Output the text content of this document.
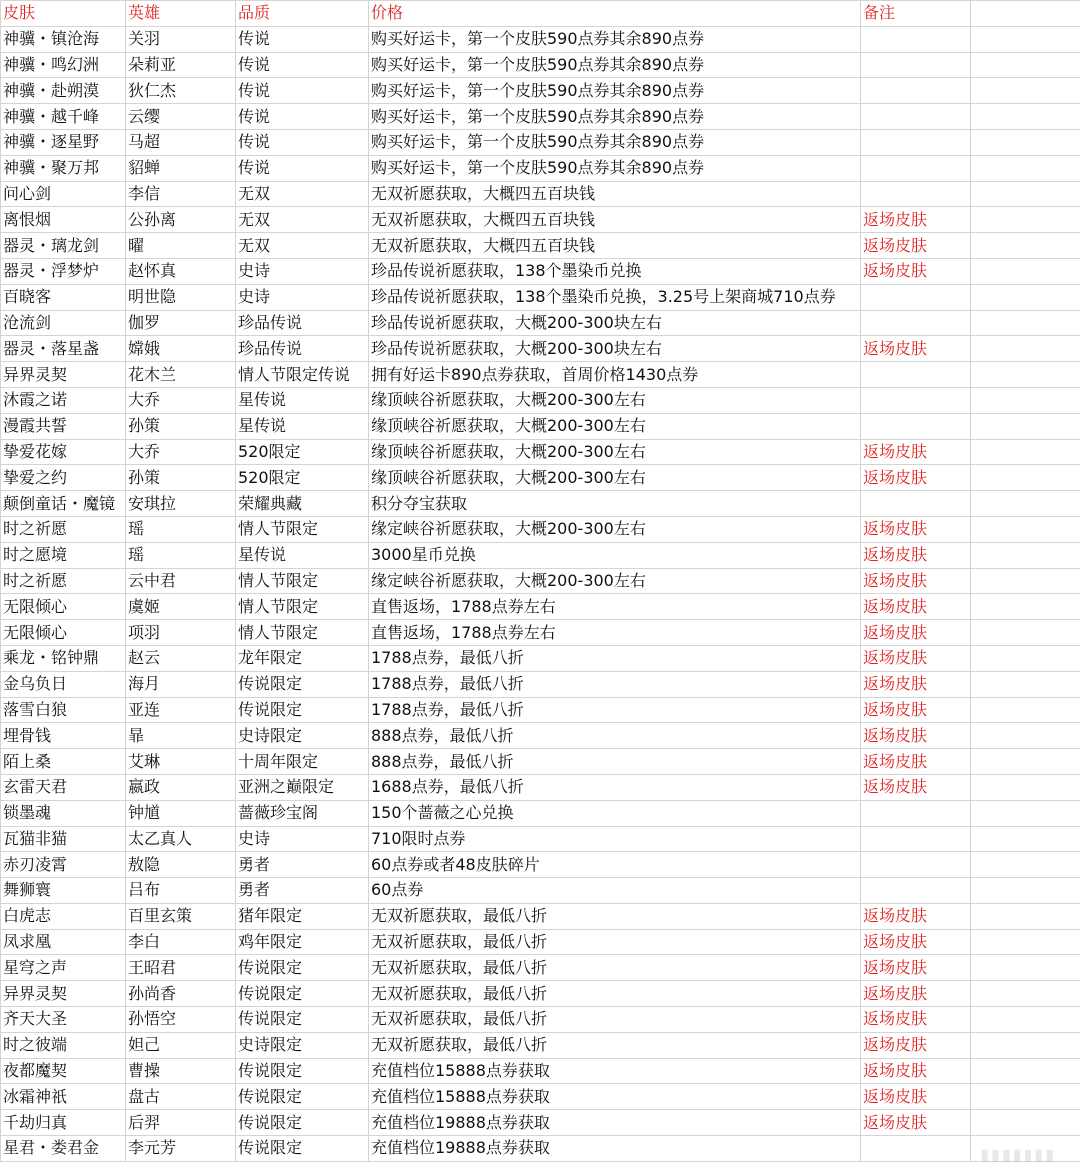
皮肤	英雄	品质	价格	备注	
神骥・镇沧海	关羽	传说	购买好运卡，第一个皮肤590点券其余890点券		
神骥・鸣幻洲	朵莉亚	传说	购买好运卡，第一个皮肤590点券其余890点券		
神骥・赴朔漠	狄仁杰	传说	购买好运卡，第一个皮肤590点券其余890点券		
神骥・越千峰	云缨	传说	购买好运卡，第一个皮肤590点券其余890点券		
神骥・逐星野	马超	传说	购买好运卡，第一个皮肤590点券其余890点券		
神骥・聚万邦	貂蝉	传说	购买好运卡，第一个皮肤590点券其余890点券		
问心剑	李信	无双	无双祈愿获取，大概四五百块钱		
离恨烟	公孙离	无双	无双祈愿获取，大概四五百块钱	返场皮肤	
器灵・璃龙剑	曜	无双	无双祈愿获取，大概四五百块钱	返场皮肤	
器灵・浮梦炉	赵怀真	史诗	珍品传说祈愿获取，138个墨染币兑换	返场皮肤	
百晓客	明世隐	史诗	珍品传说祈愿获取，138个墨染币兑换，3.25号上架商城710点券		
沧流剑	伽罗	珍品传说	珍品传说祈愿获取，大概200-300块左右		
器灵・落星盏	嫦娥	珍品传说	珍品传说祈愿获取，大概200-300块左右	返场皮肤	
异界灵契	花木兰	情人节限定传说	拥有好运卡890点券获取，首周价格1430点券		
沐霞之诺	大乔	星传说	缘顶峡谷祈愿获取，大概200-300左右		
漫霞共誓	孙策	星传说	缘顶峡谷祈愿获取，大概200-300左右		
挚爱花嫁	大乔	520限定	缘顶峡谷祈愿获取，大概200-300左右	返场皮肤	
挚爱之约	孙策	520限定	缘顶峡谷祈愿获取，大概200-300左右	返场皮肤	
颠倒童话・魔镜	安琪拉	荣耀典藏	积分夺宝获取		
时之祈愿	瑶	情人节限定	缘定峡谷祈愿获取，大概200-300左右	返场皮肤	
时之愿境	瑶	星传说	3000星币兑换	返场皮肤	
时之祈愿	云中君	情人节限定	缘定峡谷祈愿获取，大概200-300左右	返场皮肤	
无限倾心	虞姬	情人节限定	直售返场，1788点券左右	返场皮肤	
无限倾心	项羽	情人节限定	直售返场，1788点券左右	返场皮肤	
乘龙・铭钟鼎	赵云	龙年限定	1788点券，最低八折	返场皮肤	
金乌负日	海月	传说限定	1788点券，最低八折	返场皮肤	
落雪白狼	亚连	传说限定	1788点券，最低八折	返场皮肤	
埋骨钱	暃	史诗限定	888点券，最低八折	返场皮肤	
陌上桑	艾琳	十周年限定	888点券，最低八折	返场皮肤	
玄雷天君	嬴政	亚洲之巅限定	1688点券，最低八折	返场皮肤	
锁墨魂	钟馗	蔷薇珍宝阁	150个蔷薇之心兑换		
瓦猫非猫	太乙真人	史诗	710限时点券		
赤刃凌霄	敖隐	勇者	60点券或者48皮肤碎片		
舞狮寰	吕布	勇者	60点券		
白虎志	百里玄策	猪年限定	无双祈愿获取，最低八折	返场皮肤	
凤求凰	李白	鸡年限定	无双祈愿获取，最低八折	返场皮肤	
星穹之声	王昭君	传说限定	无双祈愿获取，最低八折	返场皮肤	
异界灵契	孙尚香	传说限定	无双祈愿获取，最低八折	返场皮肤	
齐天大圣	孙悟空	传说限定	无双祈愿获取，最低八折	返场皮肤	
时之彼端	妲己	史诗限定	无双祈愿获取，最低八折	返场皮肤	
夜都魔契	曹操	传说限定	充值档位15888点券获取	返场皮肤	
冰霜神祇	盘古	传说限定	充值档位15888点券获取	返场皮肤	
千劫归真	后羿	传说限定	充值档位19888点券获取	返场皮肤	
星君・娄君金	李元芳	传说限定	充值档位19888点券获取			▮▮▮▮▮▮▮
